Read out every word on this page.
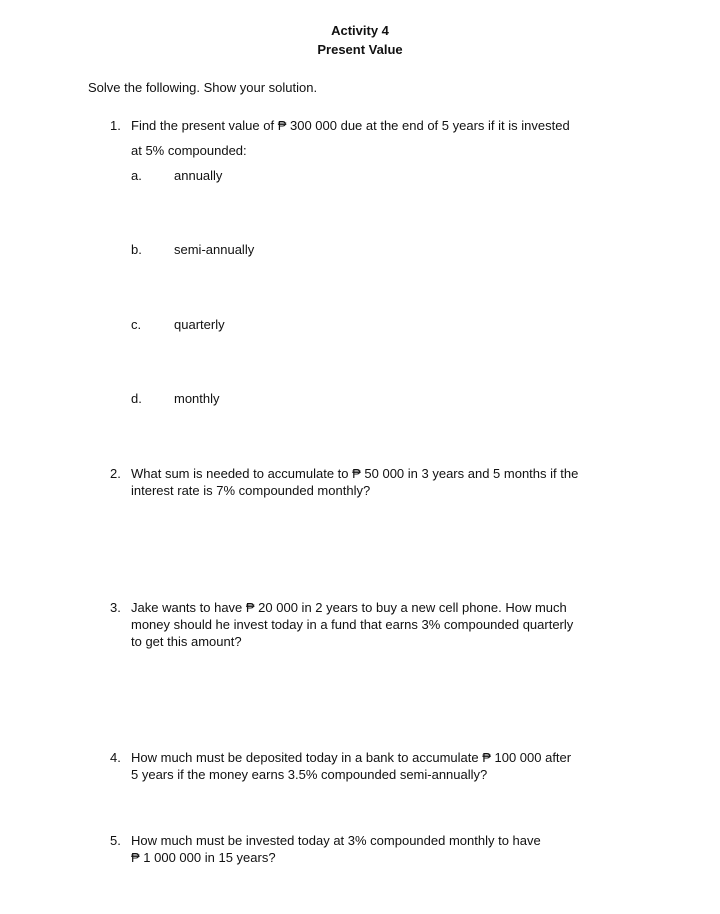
Activity 4
Present Value
Solve the following. Show your solution.
1. Find the present value of ₱ 300 000 due at the end of 5 years if it is invested
at 5% compounded:
a. annually
b. semi-annually
c.	quarterly
d. monthly
2. What sum is needed to accumulate to ₱ 50 000 in 3 years and 5 months if the
interest rate is 7% compounded monthly?
3. Jake wants to have ₱ 20 000 in 2 years to buy a new cell phone. How much
money should he invest today in a fund that earns 3% compounded quarterly
to get this amount?
4. How much must be deposited today in a bank to accumulate ₱ 100 000 after
5 years if the money earns 3.5% compounded semi-annually?
5. How much must be invested today at 3% compounded monthly to have
₱ 1 000 000 in 15 years?
